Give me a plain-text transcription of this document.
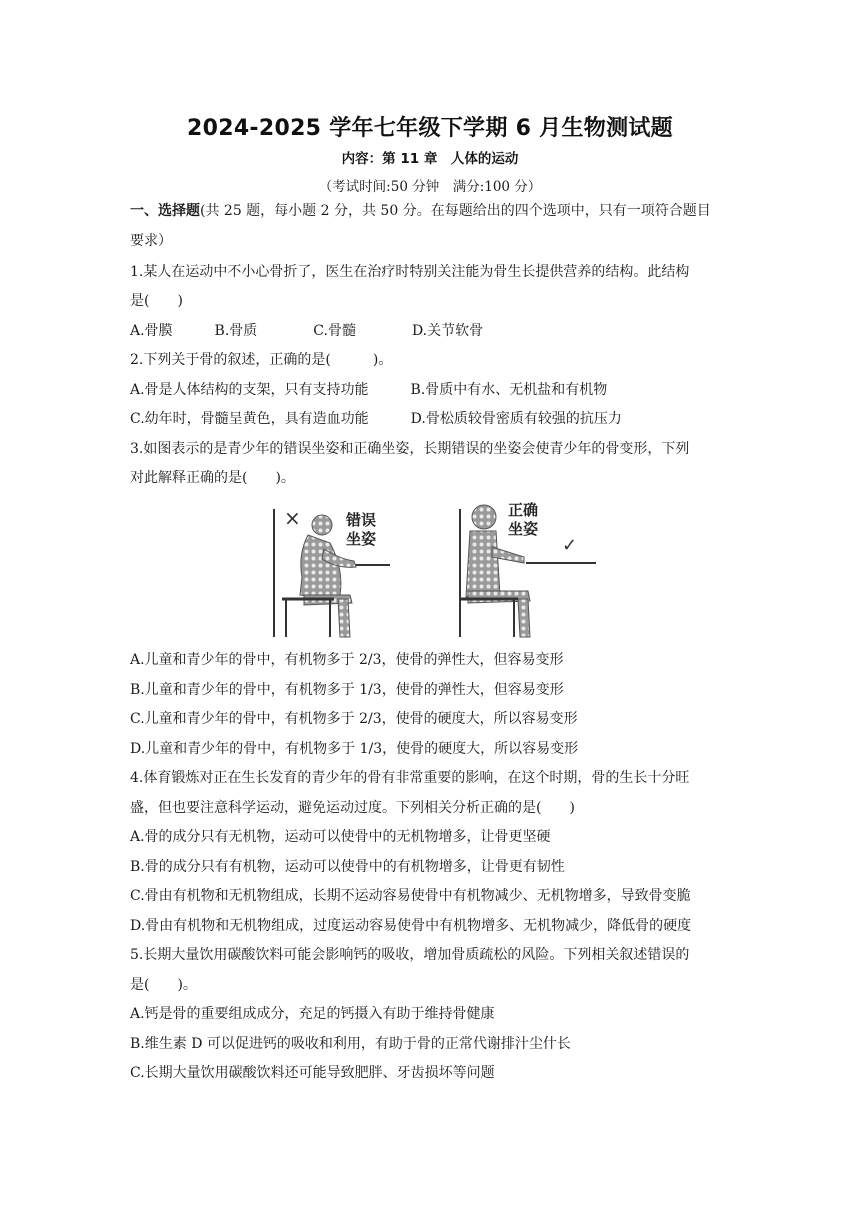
2024-2025 学年七年级下学期 6 月生物测试题
内容：第 11 章　人体的运动
（考试时间:50 分钟　满分:100 分）
一、选择题(共 25 题，每小题 2 分，共 50 分。在每题给出的四个选项中，只有一项符合题目
要求）
1.某人在运动中不小心骨折了，医生在治疗时特别关注能为骨生长提供营养的结构。此结构
是(　　)
A.骨膜　　　B.骨质　　　　C.骨髓　　　　D.关节软骨
2.下列关于骨的叙述，正确的是(　　　)。
A.骨是人体结构的支架，只有支持功能　　　B.骨质中有水、无机盐和有机物
C.幼年时，骨髓呈黄色，具有造血功能　　　D.骨松质较骨密质有较强的抗压力
3.如图表示的是青少年的错误坐姿和正确坐姿，长期错误的坐姿会使青少年的骨变形，下列
对此解释正确的是(　　)。
×	错误
坐姿
正确
坐姿
✓
A.儿童和青少年的骨中，有机物多于 2/3，使骨的弹性大，但容易变形
B.儿童和青少年的骨中，有机物多于 1/3，使骨的弹性大，但容易变形
C.儿童和青少年的骨中，有机物多于 2/3，使骨的硬度大，所以容易变形
D.儿童和青少年的骨中，有机物多于 1/3，使骨的硬度大，所以容易变形
4.体育锻炼对正在生长发育的青少年的骨有非常重要的影响，在这个时期，骨的生长十分旺
盛，但也要注意科学运动，避免运动过度。下列相关分析正确的是(　　)
A.骨的成分只有无机物，运动可以使骨中的无机物增多，让骨更坚硬
B.骨的成分只有有机物，运动可以使骨中的有机物增多，让骨更有韧性
C.骨由有机物和无机物组成，长期不运动容易使骨中有机物减少、无机物增多，导致骨变脆
D.骨由有机物和无机物组成，过度运动容易使骨中有机物增多、无机物减少，降低骨的硬度
5.长期大量饮用碳酸饮料可能会影响钙的吸收，增加骨质疏松的风险。下列相关叙述错误的
是(　　)。
A.钙是骨的重要组成成分，充足的钙摄入有助于维持骨健康
B.维生素 D 可以促进钙的吸收和利用，有助于骨的正常代谢排汁尘什长
C.长期大量饮用碳酸饮料还可能导致肥胖、牙齿损坏等问题
